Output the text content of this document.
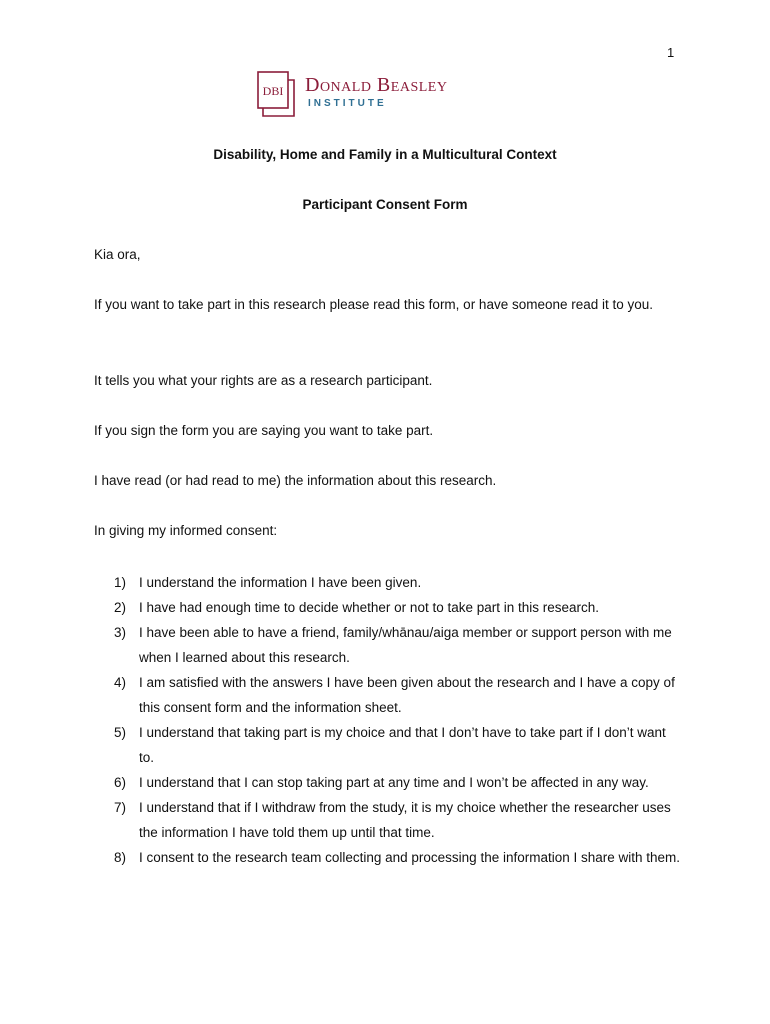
1
DBI Donald Beasley
INSTITUTE
Disability, Home and Family in a Multicultural Context
Participant Consent Form
Kia ora,
If you want to take part in this research please read this form, or have someone read it to you.
It tells you what your rights are as a research participant.
If you sign the form you are saying you want to take part.
I have read (or had read to me) the information about this research.
In giving my informed consent:
1) I understand the information I have been given.
2) I have had enough time to decide whether or not to take part in this research.
3) I have been able to have a friend, family/whānau/aiga member or support person with me when I learned about this research.
4) I am satisfied with the answers I have been given about the research and I have a copy of this consent form and the information sheet.
5) I understand that taking part is my choice and that I don’t have to take part if I don’t want to.
6) I understand that I can stop taking part at any time and I won’t be affected in any way.
7) I understand that if I withdraw from the study, it is my choice whether the researcher uses the information I have told them up until that time.
8) I consent to the research team collecting and processing the information I share with them.
